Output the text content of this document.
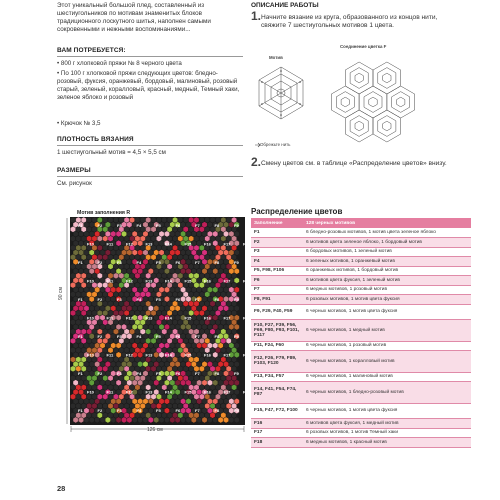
Этот уникальный большой плед, составленный из шестиугольников по мотивам знаменитых блоков традиционного лоскутного шитья, наполнен самыми сокровенными и нежными воспоминаниями...
ВАМ ПОТРЕБУЕТСЯ:
• 800 г хлопковой пряжи № 8 черного цвета
• По 100 г хлопковой пряжи следующих цветов: бледно-розовый, фуксия, оранжевый, бордовый, малиновый, розовый старый, зеленый, коралловый, красный, медный, Темный хаки, зеленое яблоко и розовый
• Крючок № 3,5
ПЛОТНОСТЬ ВЯЗАНИЯ
1 шестиугольный мотив = 4,5 × 5,5 см
РАЗМЕРЫ
См. рисунок
ОПИСАНИЕ РАБОТЫ
1. Начните вязание из круга, образованного из концов нити, свяжите 7 шестиугольных мотивов 1 цвета.
Мотив
Соединение цветка F
Обрежьте нить
2. Смену цветов см. в таблице «Распределение цветов» внизу.
Распределение цветов
Заполнение	128 черных мотивов
F1	6 бледно-розовых мотивов, 1 мотив цвета зеленое яблоко
F2	6 мотивов цвета зеленое яблоко, 1 бордовый мотив
F3	6 бордовых мотивов, 1 зеленый мотив
F4	6 зеленых мотивов, 1 оранжевый мотив
F5, F98, F106	6 оранжевых мотивов, 1 бордовый мотив
F6	6 мотивов цвета фуксия, 1 зеленый мотив
F7	6 медных мотивов, 1 розовый мотив
F8, F91	6 розовых мотивов, 1 мотив цвета фуксия
F9, F29, F40, F59	6 черных мотивов, 1 мотив цвета фуксия
F10, F27, F39, F56, F69, F80, F93, F101, F117	6 черных мотивов, 1 медный мотив
F11, F24, F60	6 черных мотивов, 1 розовый мотив
F12, F26, F79, F89, F103, F120	6 черных мотивов, 1 коралловый мотив
F13, F34, F57	6 черных мотивов, 1 малиновый мотив
F14, F41, F54, F74, F87	6 черных мотивов, 1 бледно-розовый мотив
F15, F47, F72, F100	6 черных мотивов, 1 мотив цвета фуксия
F16	6 мотивов цвета фуксия, 1 медный мотив
F17	6 розовых мотивов, 1 мотив Темный хаки
F18	6 медных мотивов, 1 красный мотив
Мотив заполнения R
F1	F2	F3	F4	F5	F6	F7	F8	F9
F10	F11	F12	F13	F14	F15	F16	F17	F18
F1	F2	F3	F4	F5	F6	F7	F8	F9
F10	F11	F12	F13	F14	F15	F16	F17	F18
F1	F2	F3	F4	F5	F6	F7	F8	F9
F10	F11	F12	F13	F14	F15	F16	F17	F18
F1	F2	F3	F4	F5	F6	F7	F8	F9
F10	F11	F12	F13	F14	F15	F16	F17	F18
F1	F2	F3	F4	F5	F6	F7	F8	F9
F10	F11	F12	F13	F14	F15	F16	F17	F18
F1	F2	F3	F4	F5	F6	F7	F8	F9
90 см
126 см
28
